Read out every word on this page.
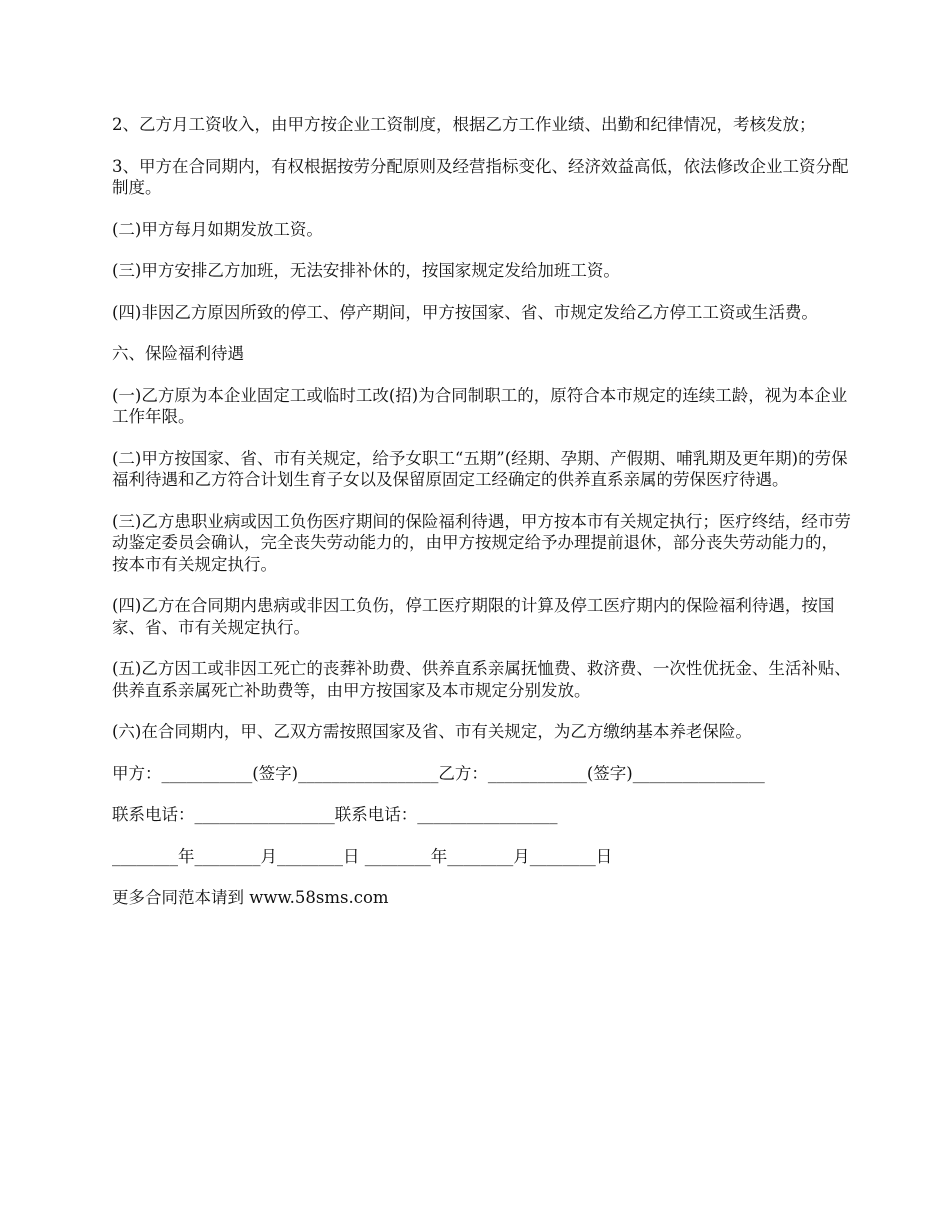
2、乙方月工资收入，由甲方按企业工资制度，根据乙方工作业绩、出勤和纪律情况，考核发放；

3、甲方在合同期内，有权根据按劳分配原则及经营指标变化、经济效益高低，依法修改企业工资分配制度。

(二)甲方每月如期发放工资。

(三)甲方安排乙方加班，无法安排补休的，按国家规定发给加班工资。

(四)非因乙方原因所致的停工、停产期间，甲方按国家、省、市规定发给乙方停工工资或生活费。

六、保险福利待遇

(一)乙方原为本企业固定工或临时工改(招)为合同制职工的，原符合本市规定的连续工龄，视为本企业工作年限。

(二)甲方按国家、省、市有关规定，给予女职工“五期”(经期、孕期、产假期、哺乳期及更年期)的劳保福利待遇和乙方符合计划生育子女以及保留原固定工经确定的供养直系亲属的劳保医疗待遇。

(三)乙方患职业病或因工负伤医疗期间的保险福利待遇，甲方按本市有关规定执行；医疗终结，经市劳动鉴定委员会确认，完全丧失劳动能力的，由甲方按规定给予办理提前退休，部分丧失劳动能力的，按本市有关规定执行。

(四)乙方在合同期内患病或非因工负伤，停工医疗期限的计算及停工医疗期内的保险福利待遇，按国家、省、市有关规定执行。

(五)乙方因工或非因工死亡的丧葬补助费、供养直系亲属抚恤费、救济费、一次性优抚金、生活补贴、供养直系亲属死亡补助费等，由甲方按国家及本市规定分别发放。

(六)在合同期内，甲、乙双方需按照国家及省、市有关规定，为乙方缴纳基本养老保险。

甲方：___________(签字)_________________乙方：____________(签字)________________

联系电话：_________________联系电话：_________________

________年________月________日 ________年________月________日

更多合同范本请到 www.58sms.com
